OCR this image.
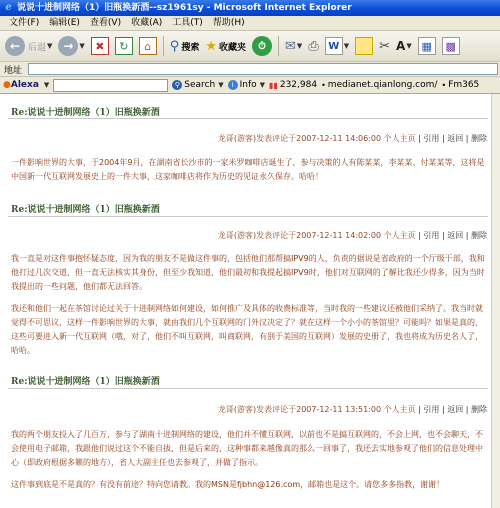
e 说说十进制网络（1）旧瓶换新酒--sz1961sy - Microsoft Internet Explorer
文件(F)	编辑(E)	查看(V)	收藏(A)	工具(T)	帮助(H)
← 后退 ▼ → ▼ ✖	↻	⌂	⚲ 搜索 ★ 收藏夹	⏱	✉ ▼ ⎙ W ▼ ✂ A ▼ ▦	▩
地址
●Alexa ▼	⚲ Search ▼	i Info ▼ ▮▮ 232,984 • medianet.qianlong.com/ • Fm365
Re:说说十进制网络（1）旧瓶换新酒
龙哥(游客)发表评论于2007-12-11 14:06:00 个人主页 | 引用 | 返回 | 删除

一件影响世界的大事，于2004年9月，在湖南省长沙市的一家米罗咖啡店诞生了，参与决策的人有陈某某，李某某、付某某等，这将是中国新一代互联网发展史上的一件大事，这家咖啡店将作为历史的见证永久保存。哈哈！

Re:说说十进制网络（1）旧瓶换新酒
龙哥(游客)发表评论于2007-12-11 14:02:00 个人主页 | 引用 | 返回 | 删除

我一直是对这件事抱怀疑态度，因为我的朋友不是做这件事的，包括他们那帮搞IPV9的人，负责的据说是省政府的一个厅级干部，我和他打过几次交道，但一直无法核实其身份，但至少我知道，他们最初和我提起搞IPV9时，他们对互联网的了解比我还少得多，因为当时我提出的一些问题，他们都无法回答。

我还和他们一起在茶馆讨论过关于十进制网络如何建设，如何推广及具体的收费标准等，当时我的一些建议还被他们采纳了。我当时就觉得不可思议，这样一件影响世界的大事，就由我们几个互联网的门外汉决定了？就在这样一个小小的茶馆里？可能吗？如果是真的，这些可要进入新一代互联网（哦，对了，他们不叫互联网，叫商联网，有别于美国的互联网）发展的史册了，我也将成为历史名人了，哈哈。

Re:说说十进制网络（1）旧瓶换新酒
龙哥(游客)发表评论于2007-12-11 13:51:00 个人主页 | 引用 | 返回 | 删除

我的两个朋友投入了几百万，参与了湖南十进制网络的建设，他们并不懂互联网，以前也不是搞互联网的，不会上网，也不会聊天，不会使用电子邮箱，我跟他们说过这个不能自拔，但是后来的，这种事都来越像真的那么一回事了，我还去实地参观了他们的信息处理中心（即政府根据多籁的地方），省人大副主任也去参观了，并做了指示。

这件事到底是不是真的？有没有前途？特向您请教。我的MSN是fjbhn@126.com，邮箱也是这个。请您多多指教，谢谢！
